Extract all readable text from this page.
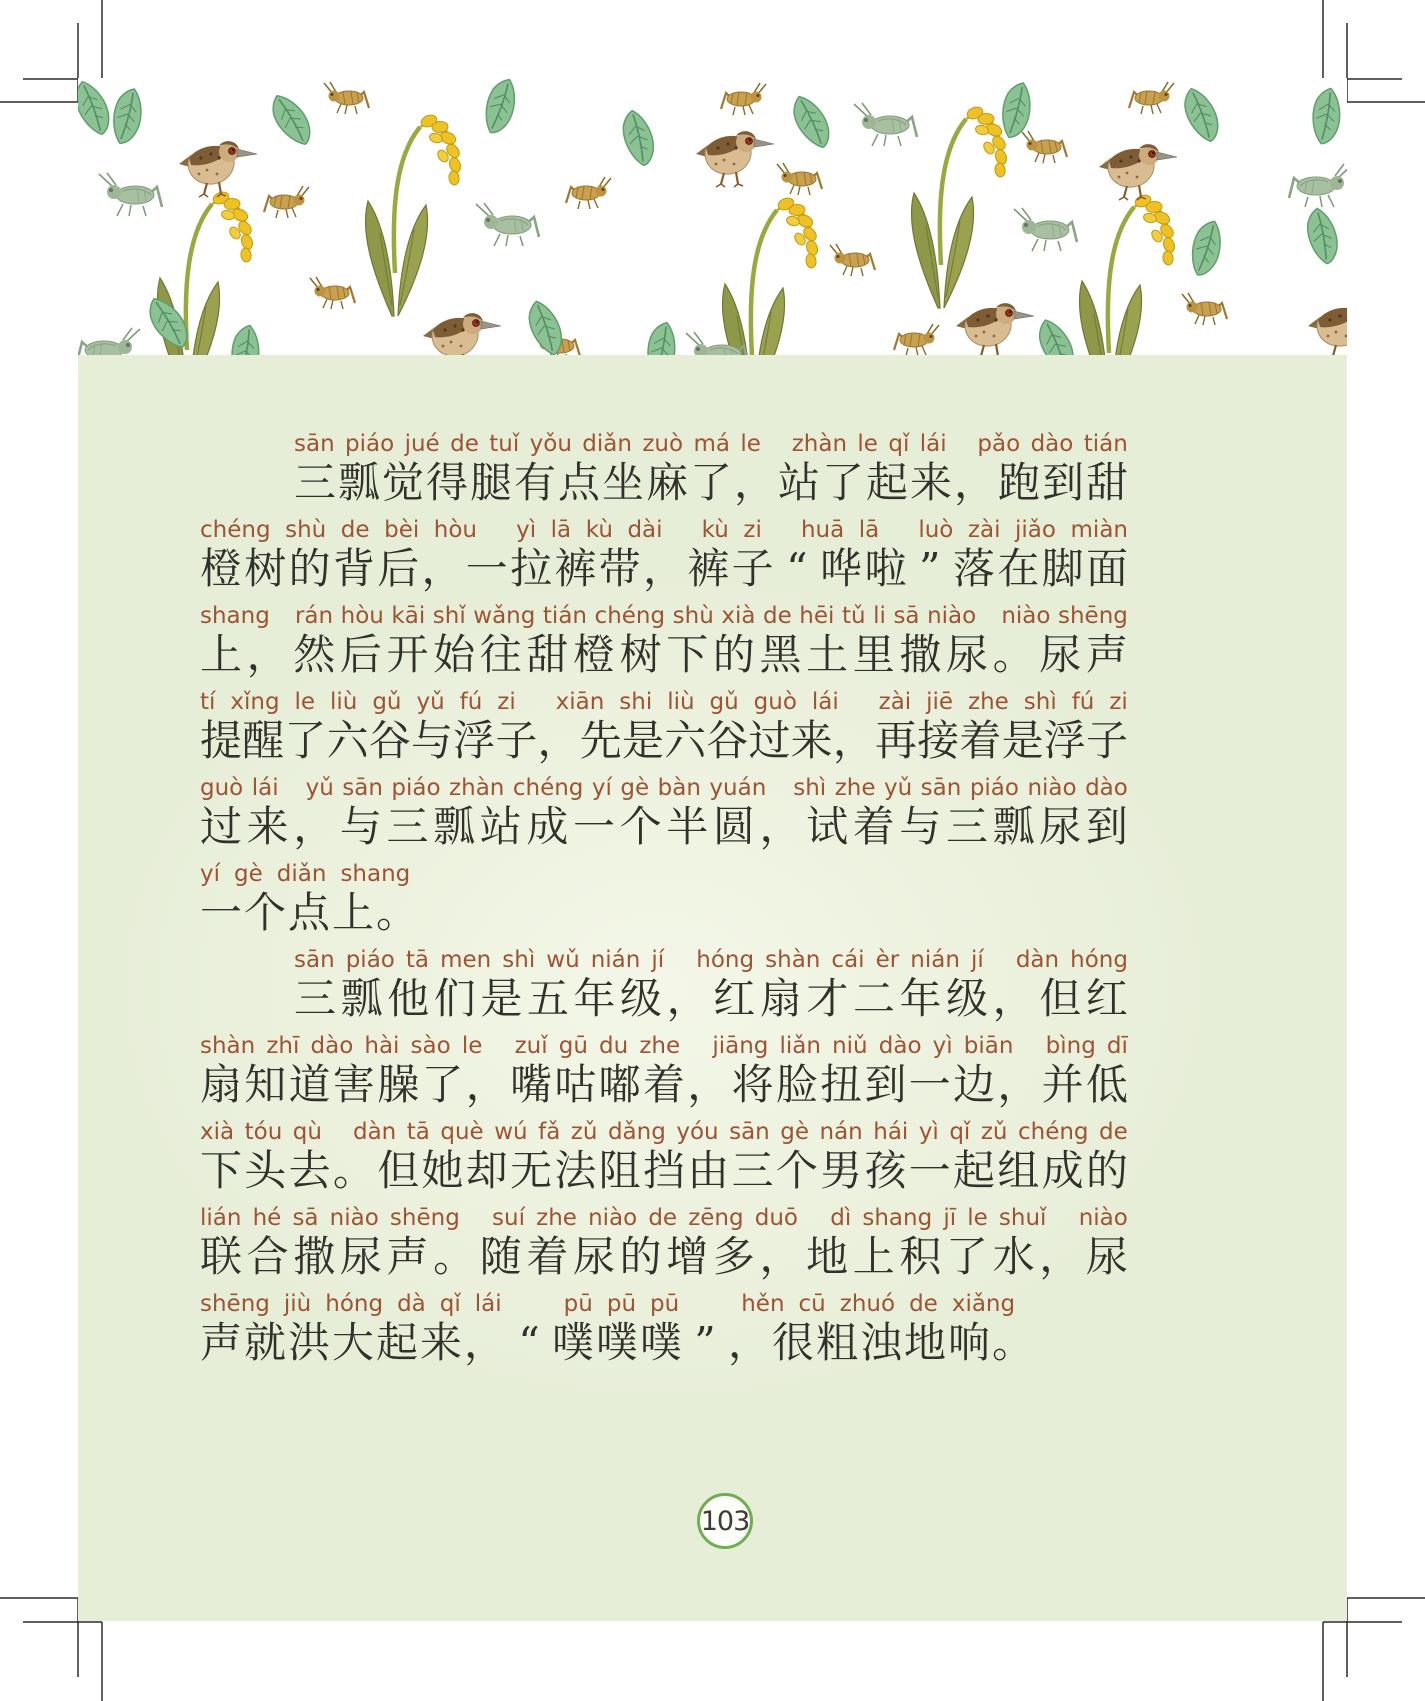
sān piáo jué de tuǐ yǒu diǎn zuò má le zhàn le qǐ lái pǎo dào tián
三 瓢 觉 得 腿 有 点 坐 麻 了 ， 站 了 起 来 ， 跑 到 甜
chéng shù de bèi hòu yì lā kù dài kù zi huā lā luò zài jiǎo miàn
橙 树 的 背 后 ， 一 拉 裤 带 ， 裤 子 “ 哗 啦 ” 落 在 脚 面
shang rán hòu kāi shǐ wǎng tián chéng shù xià de hēi tǔ li sā niào niào shēng
上 ， 然 后 开 始 往 甜 橙 树 下 的 黑 土 里 撒 尿 。 尿 声
tí xǐng le liù gǔ yǔ fú zi xiān shi liù gǔ guò lái zài jiē zhe shì fú zi
提 醒 了 六 谷 与 浮 子 ， 先 是 六 谷 过 来 ， 再 接 着 是 浮 子
guò lái yǔ sān piáo zhàn chéng yí gè bàn yuán shì zhe yǔ sān piáo niào dào
过 来 ， 与 三 瓢 站 成 一 个 半 圆 ， 试 着 与 三 瓢 尿 到
yí gè diǎn shang
一 个 点 上 。
sān piáo tā men shì wǔ nián jí hóng shàn cái èr nián jí dàn hóng
三 瓢 他 们 是 五 年 级 ， 红 扇 才 二 年 级 ， 但 红
shàn zhī dào hài sào le zuǐ gū du zhe jiāng liǎn niǔ dào yì biān bìng dī
扇 知 道 害 臊 了 ， 嘴 咕 嘟 着 ， 将 脸 扭 到 一 边 ， 并 低
xià tóu qù dàn tā què wú fǎ zǔ dǎng yóu sān gè nán hái yì qǐ zǔ chéng de
下 头 去 。 但 她 却 无 法 阻 挡 由 三 个 男 孩 一 起 组 成 的
lián hé sā niào shēng suí zhe niào de zēng duō dì shang jī le shuǐ niào
联 合 撒 尿 声 。 随 着 尿 的 增 多 ， 地 上 积 了 水 ， 尿
shēng jiù hóng dà qǐ lái	pū pū pū	hěn cū zhuó de xiǎng
声 就 洪 大 起 来 ， “ 噗 噗 噗 ” ， 很 粗 浊 地 响 。
103
